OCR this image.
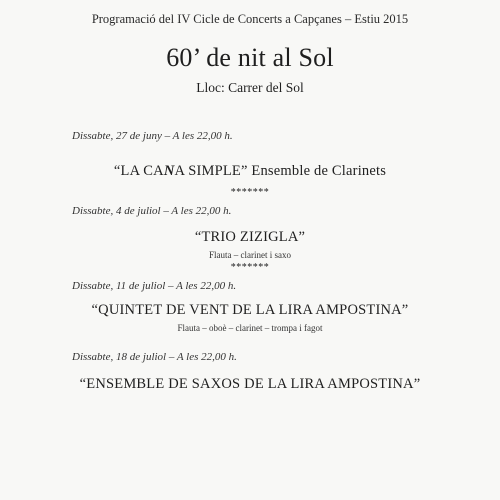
Programació del IV Cicle de Concerts a Capçanes – Estiu 2015
60’ de nit al Sol
Lloc: Carrer del Sol
Dissabte, 27 de juny – A les 22,00 h.
“LA CANA SIMPLE” Ensemble de Clarinets
*******
Dissabte, 4 de juliol – A les 22,00 h.
“TRIO ZIZIGLA”
Flauta – clarinet i saxo
*******
Dissabte, 11 de juliol – A les 22,00 h.
“QUINTET DE VENT DE LA LIRA AMPOSTINA”
Flauta – oboè – clarinet – trompa i fagot
Dissabte, 18 de juliol – A les 22,00 h.
“ENSEMBLE DE SAXOS DE LA LIRA AMPOSTINA”
